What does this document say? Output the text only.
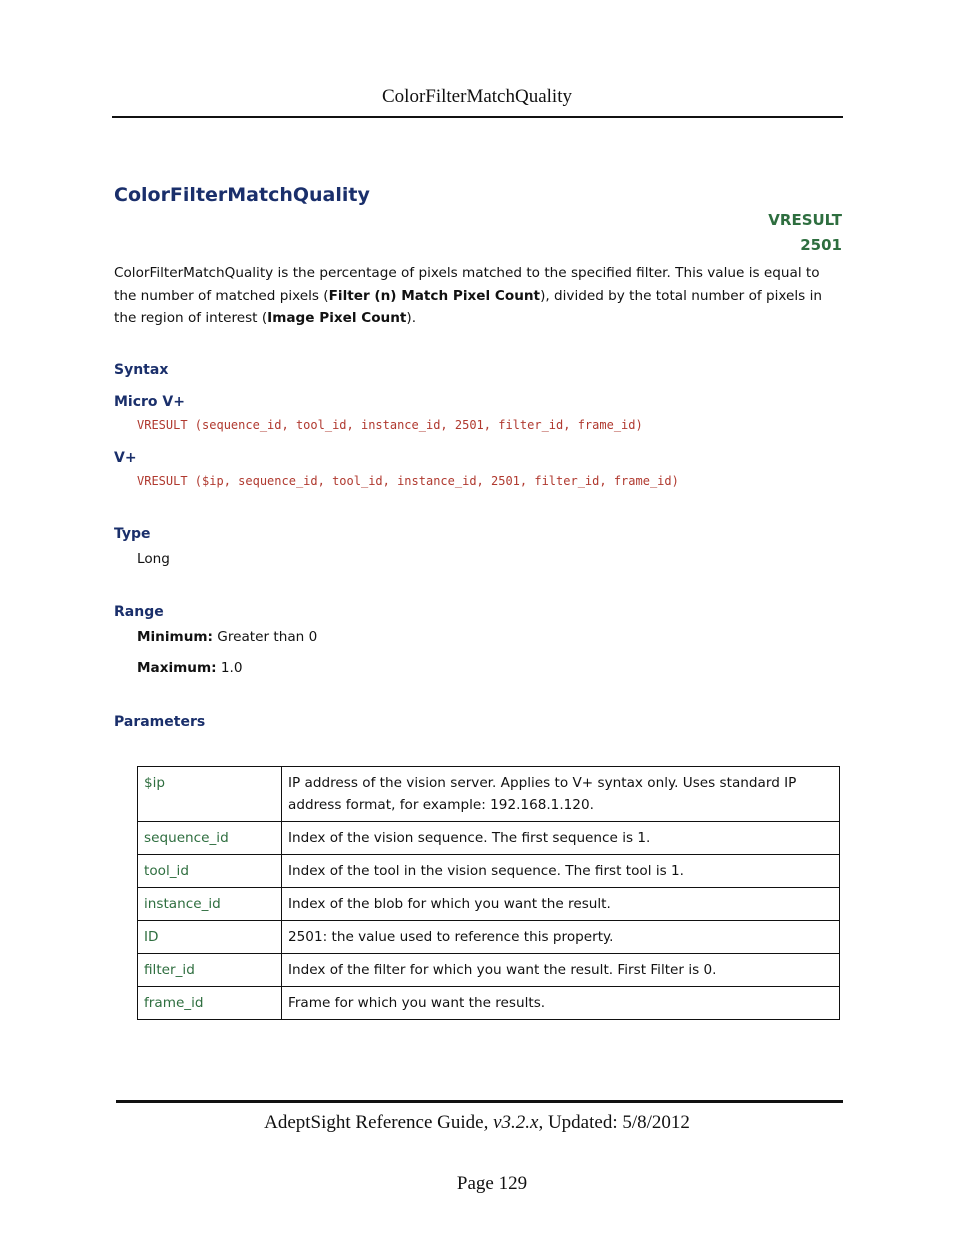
ColorFilterMatchQuality
ColorFilterMatchQuality
VRESULT
2501
ColorFilterMatchQuality is the percentage of pixels matched to the specified filter. This value is equal to the number of matched pixels (Filter (n) Match Pixel Count), divided by the total number of pixels in the region of interest (Image Pixel Count).
Syntax
Micro V+
VRESULT (sequence_id, tool_id, instance_id, 2501, filter_id, frame_id)
V+
VRESULT ($ip, sequence_id, tool_id, instance_id, 2501, filter_id, frame_id)
Type
Long
Range
Minimum: Greater than 0
Maximum: 1.0
Parameters
$ip	IP address of the vision server. Applies to V+ syntax only. Uses standard IP address format, for example: 192.168.1.120.
sequence_id	Index of the vision sequence. The first sequence is 1.
tool_id	Index of the tool in the vision sequence. The first tool is 1.
instance_id	Index of the blob for which you want the result.
ID	2501: the value used to reference this property.
filter_id	Index of the filter for which you want the result. First Filter is 0.
frame_id	Frame for which you want the results.
AdeptSight Reference Guide, v3.2.x, Updated: 5/8/2012
Page 129
